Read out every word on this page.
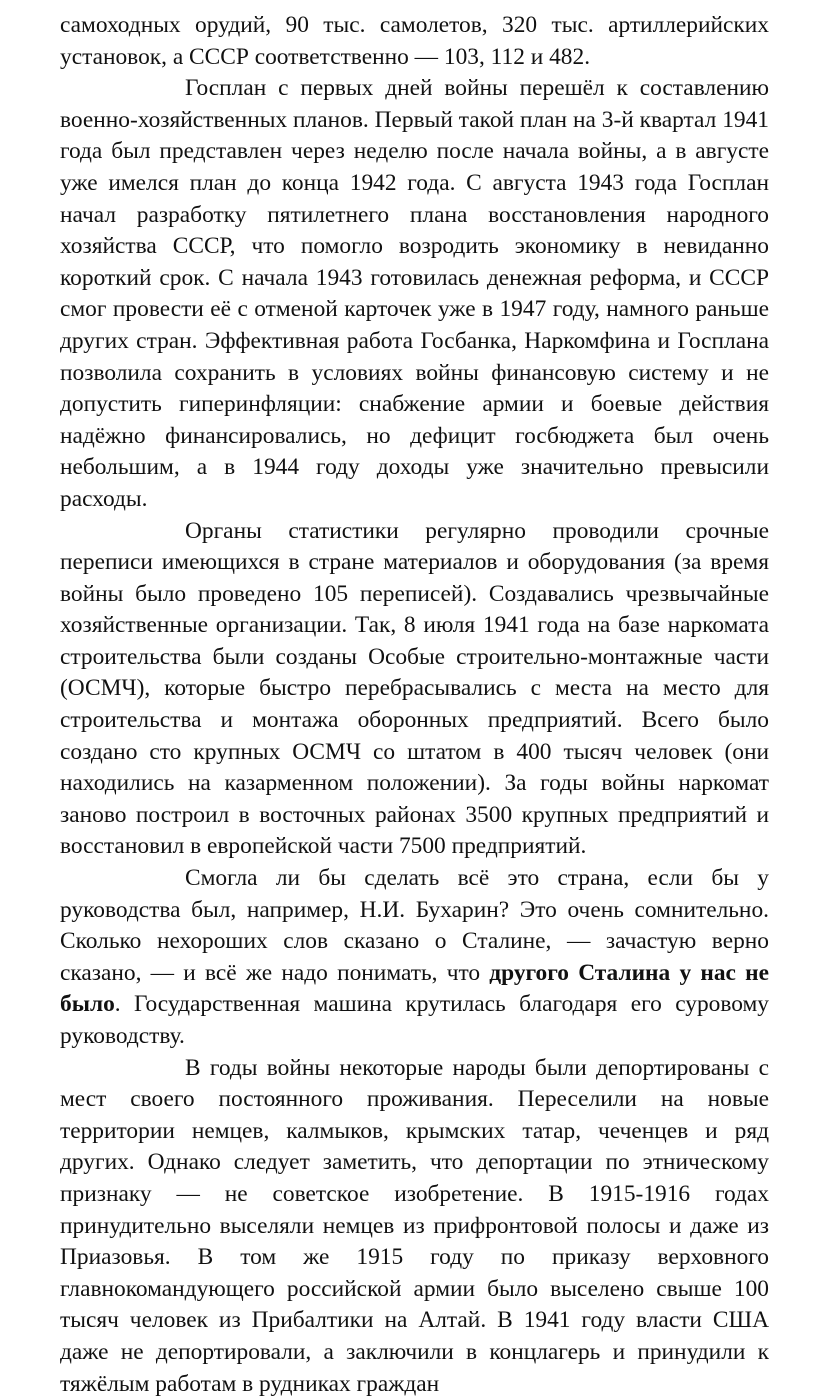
самоходных орудий, 90 тыс. самолетов, 320 тыс. артиллерийских установок, а СССР соответственно — 103, 112 и 482.

Госплан с первых дней войны перешёл к составлению военно-хозяйственных планов. Первый такой план на 3-й квартал 1941 года был представлен через неделю после начала войны, а в августе уже имелся план до конца 1942 года. С августа 1943 года Госплан начал разработку пятилетнего плана восстановления народного хозяйства СССР, что помогло возродить экономику в невиданно короткий срок. С начала 1943 готовилась денежная реформа, и СССР смог провести её с отменой карточек уже в 1947 году, намного раньше других стран. Эффективная работа Госбанка, Наркомфина и Госплана позволила сохранить в условиях войны финансовую систему и не допустить гиперинфляции: снабжение армии и боевые действия надёжно финансировались, но дефицит госбюджета был очень небольшим, а в 1944 году доходы уже значительно превысили расходы.

Органы статистики регулярно проводили срочные переписи имеющихся в стране материалов и оборудования (за время войны было проведено 105 переписей). Создавались чрезвычайные хозяйственные организации. Так, 8 июля 1941 года на базе наркомата строительства были созданы Особые строительно-монтажные части (ОСМЧ), которые быстро перебрасывались с места на место для строительства и монтажа оборонных предприятий. Всего было создано сто крупных ОСМЧ со штатом в 400 тысяч человек (они находились на казарменном положении). За годы войны наркомат заново построил в восточных районах 3500 крупных предприятий и восстановил в европейской части 7500 предприятий.

Смогла ли бы сделать всё это страна, если бы у руководства был, например, Н.И. Бухарин? Это очень сомнительно. Сколько нехороших слов сказано о Сталине, — зачастую верно сказано, — и всё же надо понимать, что другого Сталина у нас не было. Государственная машина крутилась благодаря его суровому руководству.

В годы войны некоторые народы были депортированы с мест своего постоянного проживания. Переселили на новые территории немцев, калмыков, крымских татар, чеченцев и ряд других. Однако следует заметить, что депортации по этническому признаку — не советское изобретение. В 1915-1916 годах принудительно выселяли немцев из прифронтовой полосы и даже из Приазовья. В том же 1915 году по приказу верховного главнокомандующего российской армии было выселено свыше 100 тысяч человек из Прибалтики на Алтай. В 1941 году власти США даже не депортировали, а заключили в концлагерь и принудили к тяжёлым работам в рудниках граждан
